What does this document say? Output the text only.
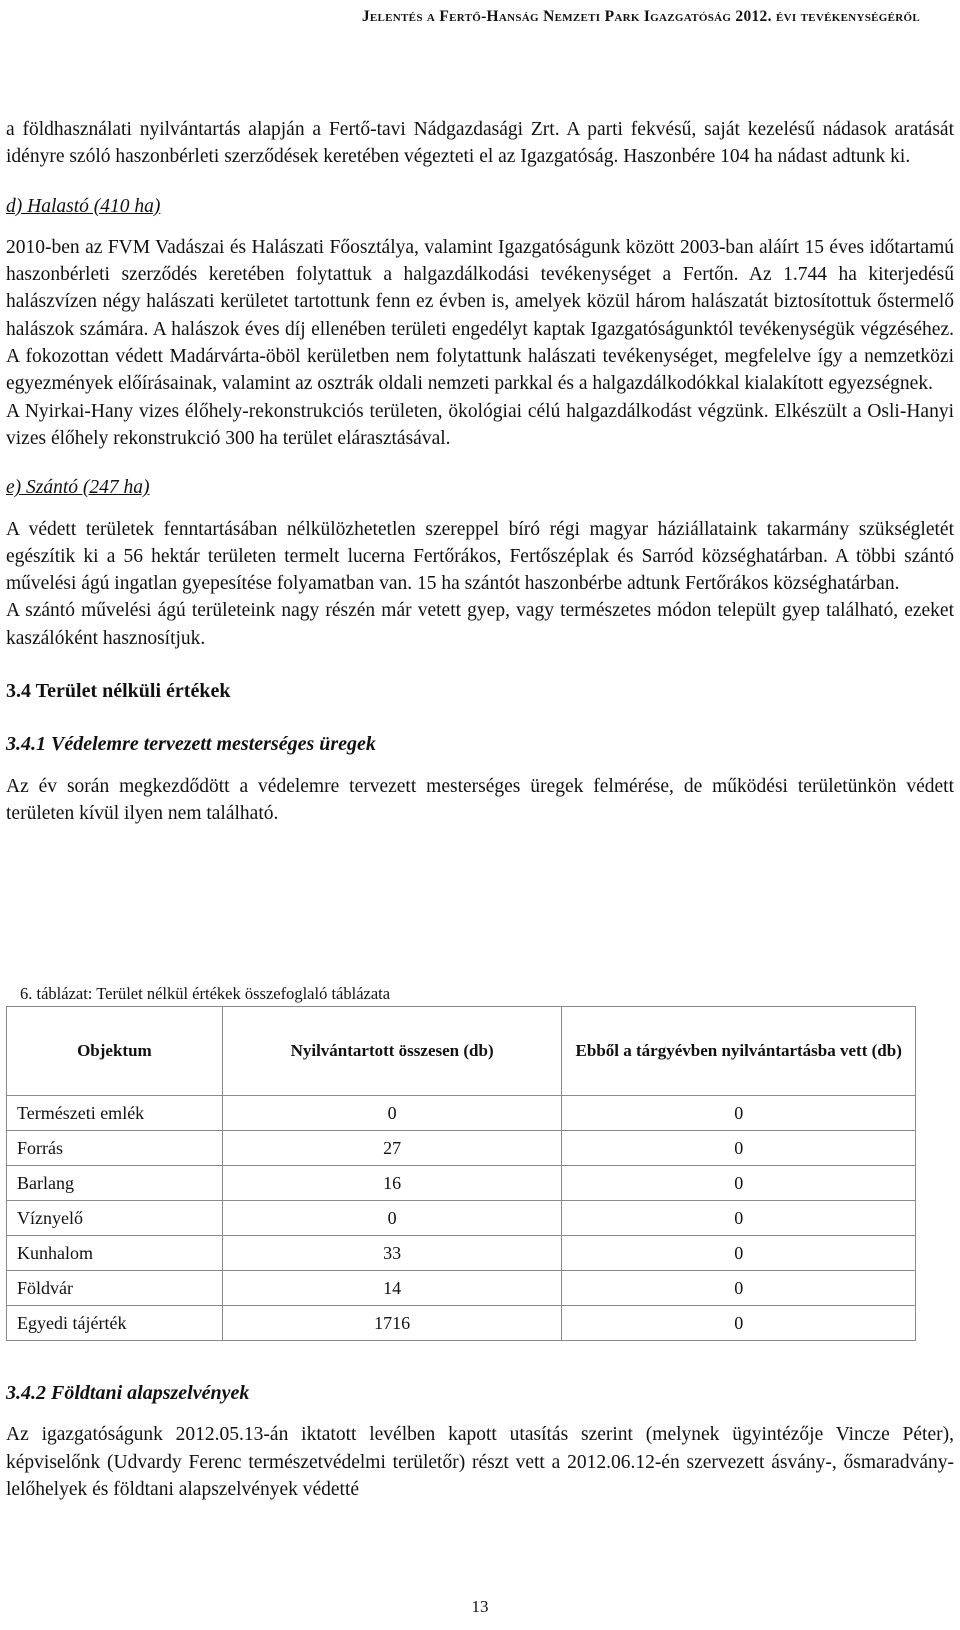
Jelentés a Fertő-Hanság Nemzeti Park Igazgatóság 2012. évi tevékenységéről

a földhasználati nyilvántartás alapján a Fertő-tavi Nádgazdasági Zrt. A parti fekvésű, saját kezelésű nádasok aratását idényre szóló haszonbérleti szerződések keretében végezteti el az Igazgatóság. Haszonbére 104 ha nádast adtunk ki.

d) Halastó (410 ha)

2010-ben az FVM Vadászai és Halászati Főosztálya, valamint Igazgatóságunk között 2003-ban aláírt 15 éves időtartamú haszonbérleti szerződés keretében folytattuk a halgazdálkodási tevékenységet a Fertőn. Az 1.744 ha kiterjedésű halászvízen négy halászati kerületet tartottunk fenn ez évben is, amelyek közül három halászatát biztosítottuk őstermelő halászok számára. A halászok éves díj ellenében területi engedélyt kaptak Igazgatóságunktól tevékenységük végzéséhez. A fokozottan védett Madárvárta-öböl kerületben nem folytattunk halászati tevékenységet, megfelelve így a nemzetközi egyezmények előírásainak, valamint az osztrák oldali nemzeti parkkal és a halgazdálkodókkal kialakított egyezségnek.

A Nyirkai-Hany vizes élőhely-rekonstrukciós területen, ökológiai célú halgazdálkodást végzünk. Elkészült a Osli-Hanyi vizes élőhely rekonstrukció 300 ha terület elárasztásával.

e) Szántó (247 ha)

A védett területek fenntartásában nélkülözhetetlen szereppel bíró régi magyar háziállataink takarmány szükségletét egészítik ki a 56 hektár területen termelt lucerna Fertőrákos, Fertőszéplak és Sarród községhatárban. A többi szántó művelési ágú ingatlan gyepesítése folyamatban van. 15 ha szántót haszonbérbe adtunk Fertőrákos községhatárban.

A szántó művelési ágú területeink nagy részén már vetett gyep, vagy természetes módon települt gyep található, ezeket kaszálóként hasznosítjuk.

3.4 Terület nélküli értékek

3.4.1 Védelemre tervezett mesterséges üregek

Az év során megkezdődött a védelemre tervezett mesterséges üregek felmérése, de működési területünkön védett területen kívül ilyen nem található.

6. táblázat: Terület nélkül értékek összefoglaló táblázata
Objektum	Nyilvántartott összesen (db)	Ebből a tárgyévben nyilvántartásba vett (db)
Természeti emlék	0	0
Forrás	27	0
Barlang	16	0
Víznyelő	0	0
Kunhalom	33	0
Földvár	14	0
Egyedi tájérték	1716	0

3.4.2 Földtani alapszelvények

Az igazgatóságunk 2012.05.13-án iktatott levélben kapott utasítás szerint (melynek ügyintézője Vincze Péter), képviselőnk (Udvardy Ferenc természetvédelmi területőr) részt vett a 2012.06.12-én szervezett ásvány-, ősmaradvány-lelőhelyek és földtani alapszelvények védetté

13
